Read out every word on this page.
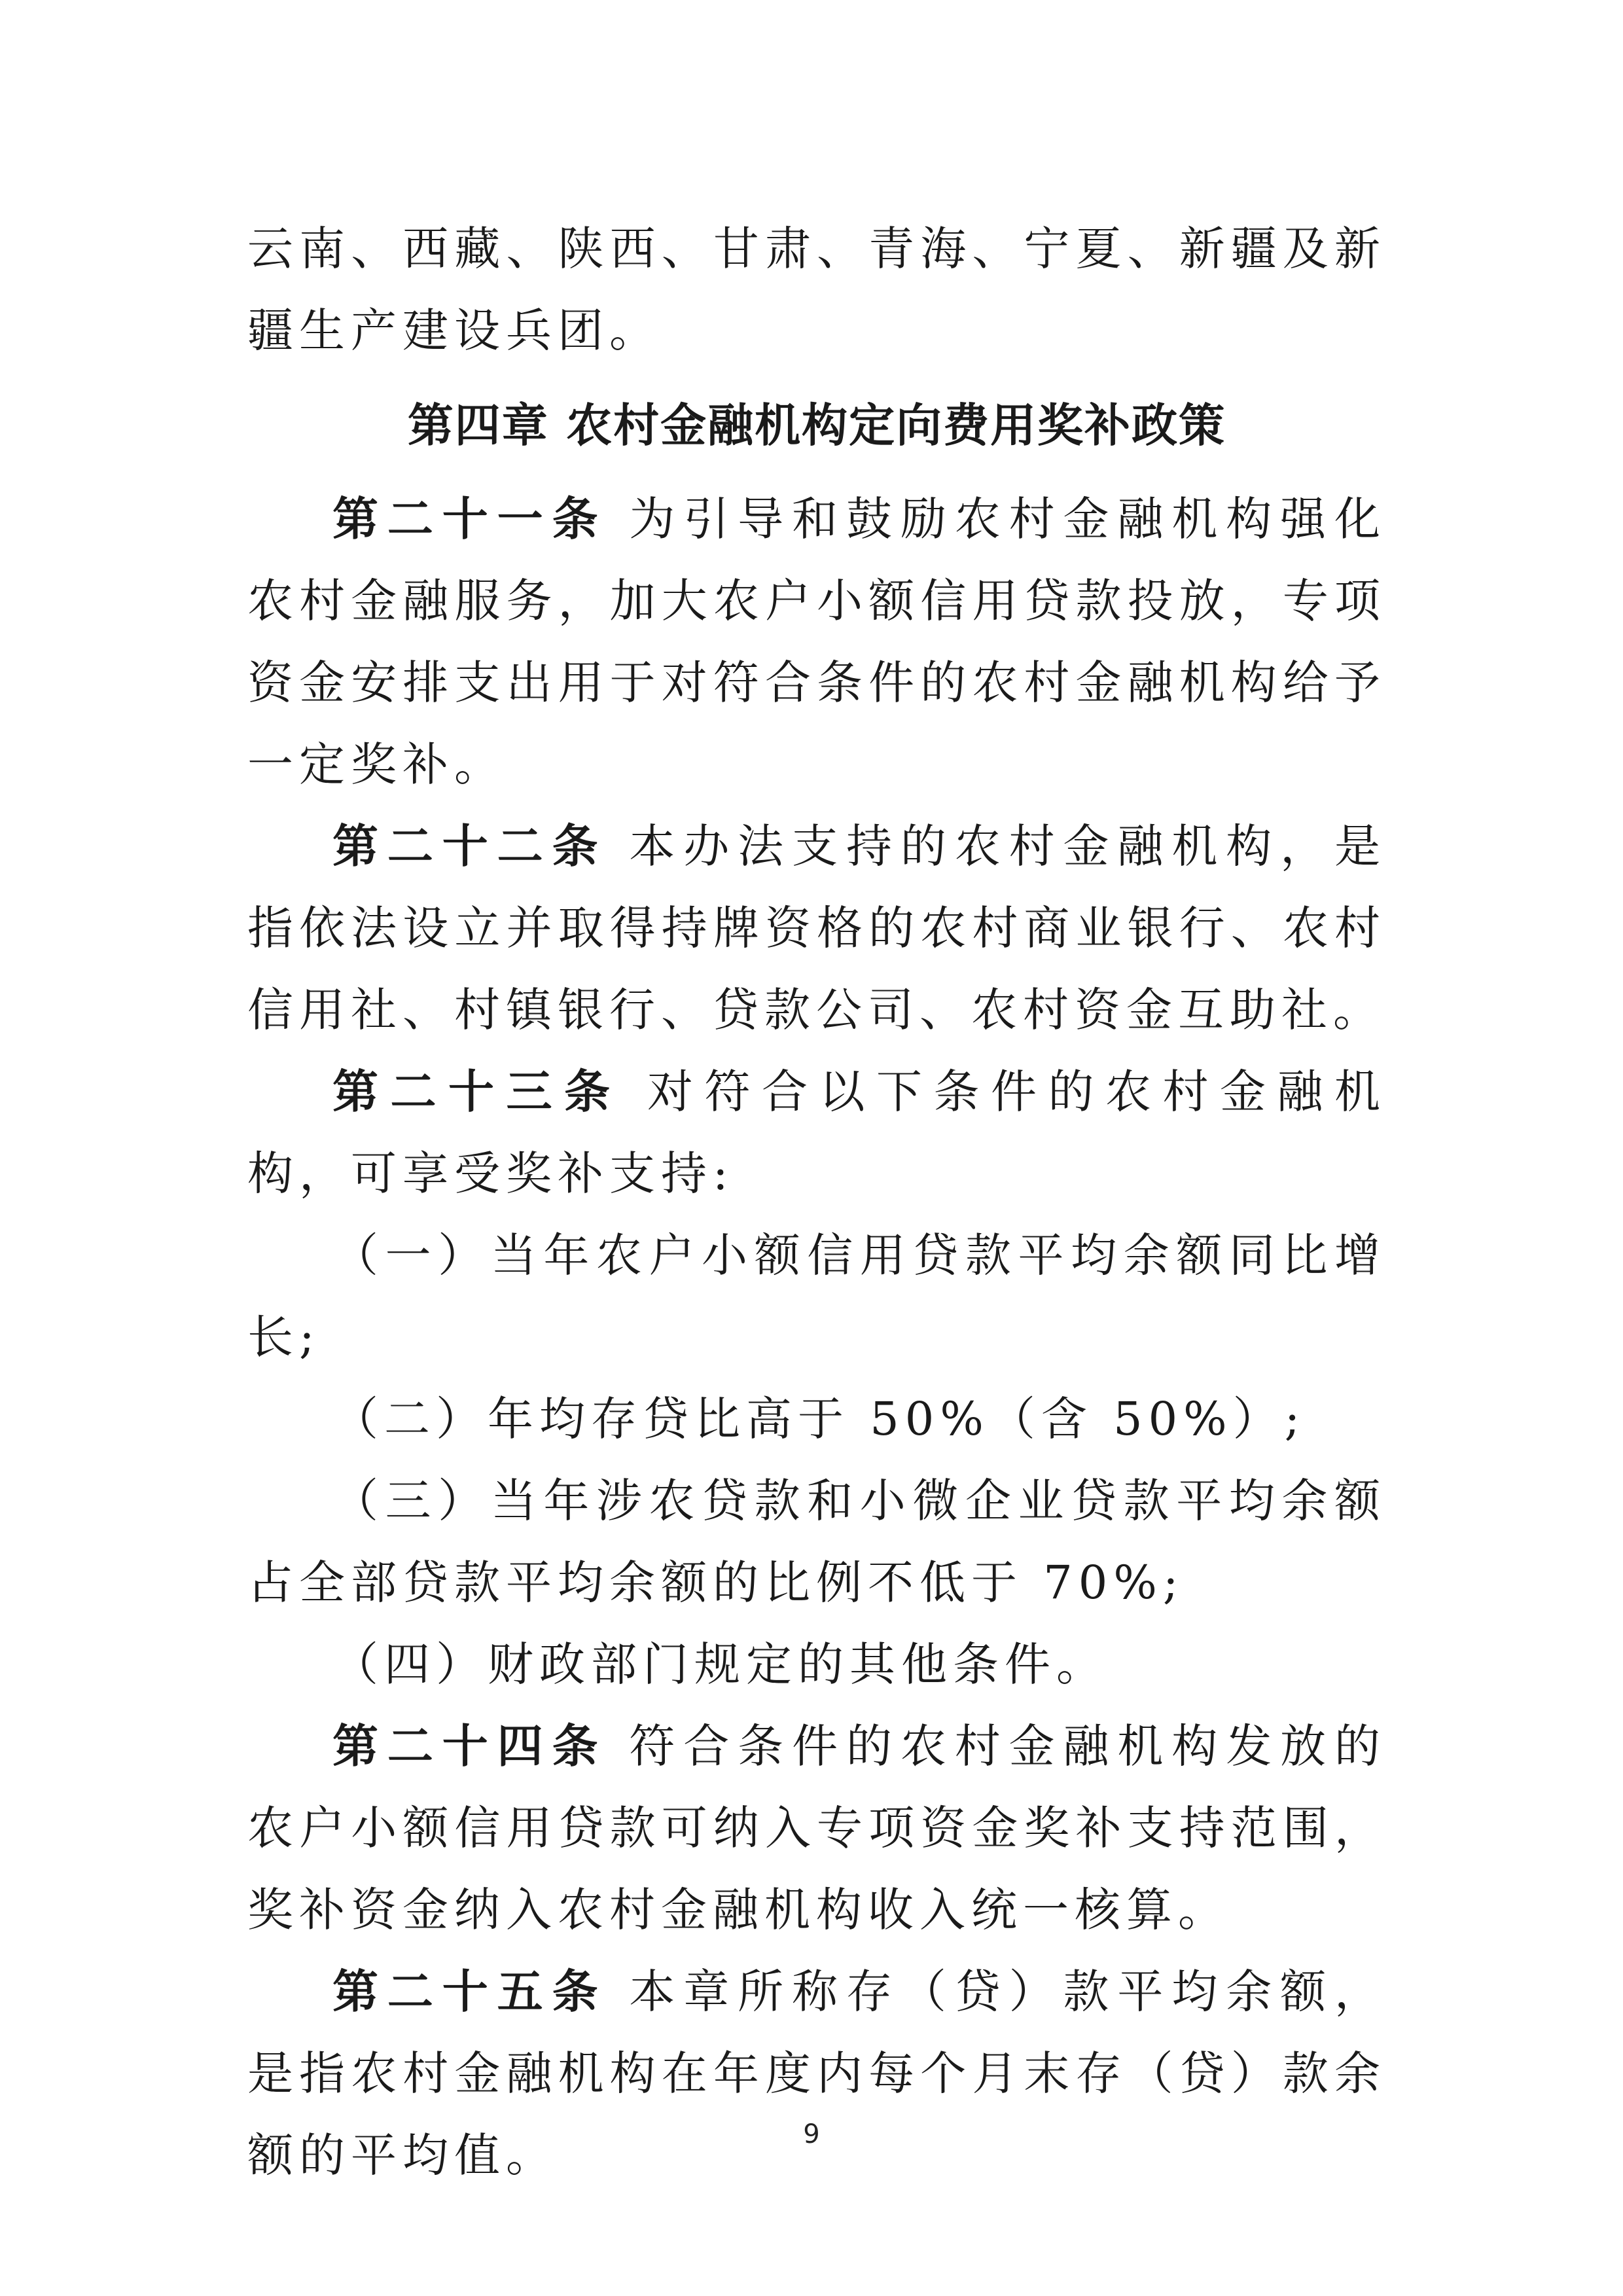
云南、西藏、陕西、甘肃、青海、宁夏、新疆及新疆生产建设兵团。

第四章 农村金融机构定向费用奖补政策

第二十一条 为引导和鼓励农村金融机构强化农村金融服务，加大农户小额信用贷款投放，专项资金安排支出用于对符合条件的农村金融机构给予一定奖补。

第二十二条 本办法支持的农村金融机构，是指依法设立并取得持牌资格的农村商业银行、农村信用社、村镇银行、贷款公司、农村资金互助社。

第二十三条 对符合以下条件的农村金融机构，可享受奖补支持:

（一）当年农户小额信用贷款平均余额同比增长;

（二）年均存贷比高于 50%（含 50%）;

（三）当年涉农贷款和小微企业贷款平均余额占全部贷款平均余额的比例不低于 70%;

（四）财政部门规定的其他条件。

第二十四条 符合条件的农村金融机构发放的农户小额信用贷款可纳入专项资金奖补支持范围，奖补资金纳入农村金融机构收入统一核算。

第二十五条 本章所称存（贷）款平均余额，是指农村金融机构在年度内每个月末存（贷）款余额的平均值。	9
